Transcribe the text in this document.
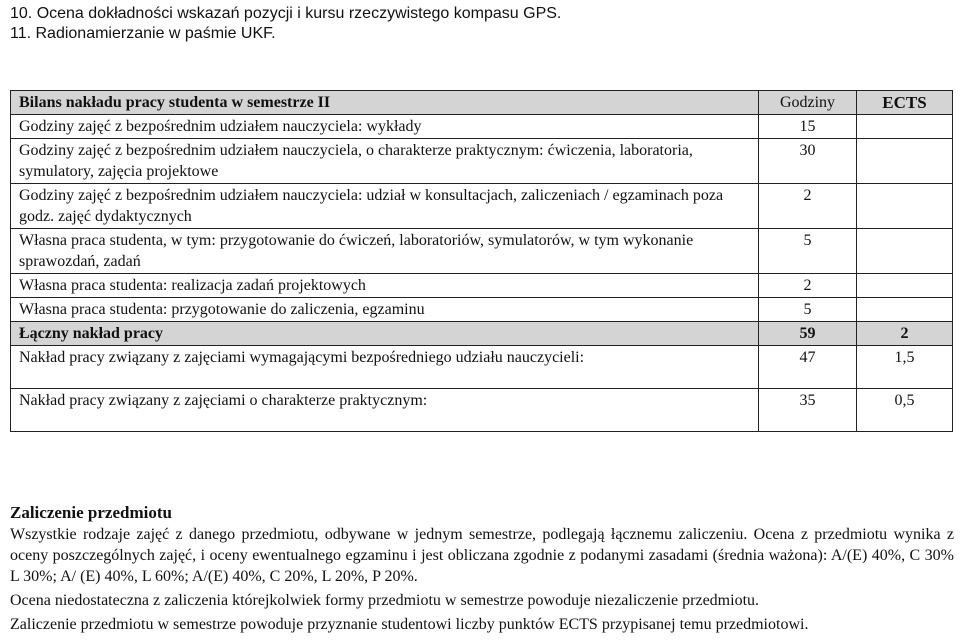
10. Ocena dokładności wskazań pozycji i kursu rzeczywistego kompasu GPS.
11. Radionamierzanie w paśmie UKF.
Bilans nakładu pracy studenta w semestrze II	Godziny	ECTS
Godziny zajęć z bezpośrednim udziałem nauczyciela: wykłady	15	
Godziny zajęć z bezpośrednim udziałem nauczyciela, o charakterze praktycznym: ćwiczenia, laboratoria, symulatory, zajęcia projektowe	30	
Godziny zajęć z bezpośrednim udziałem nauczyciela: udział w konsultacjach, zaliczeniach / egzaminach poza godz. zajęć dydaktycznych	2	
Własna praca studenta, w tym: przygotowanie do ćwiczeń, laboratoriów, symulatorów, w tym wykonanie sprawozdań, zadań	5	
Własna praca studenta: realizacja zadań projektowych	2	
Własna praca studenta: przygotowanie do zaliczenia, egzaminu	5	
Łączny nakład pracy	59	2
Nakład pracy związany z zajęciami wymagającymi bezpośredniego udziału nauczycieli:	47	1,5
Nakład pracy związany z zajęciami o charakterze praktycznym:	35	0,5
Zaliczenie przedmiotu

Wszystkie rodzaje zajęć z danego przedmiotu, odbywane w jednym semestrze, podlegają łącznemu zaliczeniu. Ocena z przedmiotu wynika z oceny poszczególnych zajęć, i oceny ewentualnego egzaminu i jest obliczana zgodnie z podanymi zasadami (średnia ważona): A/(E) 40%, C 30% L 30%; A/ (E) 40%, L 60%; A/(E) 40%, C 20%, L 20%, P 20%.

Ocena niedostateczna z zaliczenia którejkolwiek formy przedmiotu w semestrze powoduje niezaliczenie przedmiotu.

Zaliczenie przedmiotu w semestrze powoduje przyznanie studentowi liczby punktów ECTS przypisanej temu przedmiotowi.
